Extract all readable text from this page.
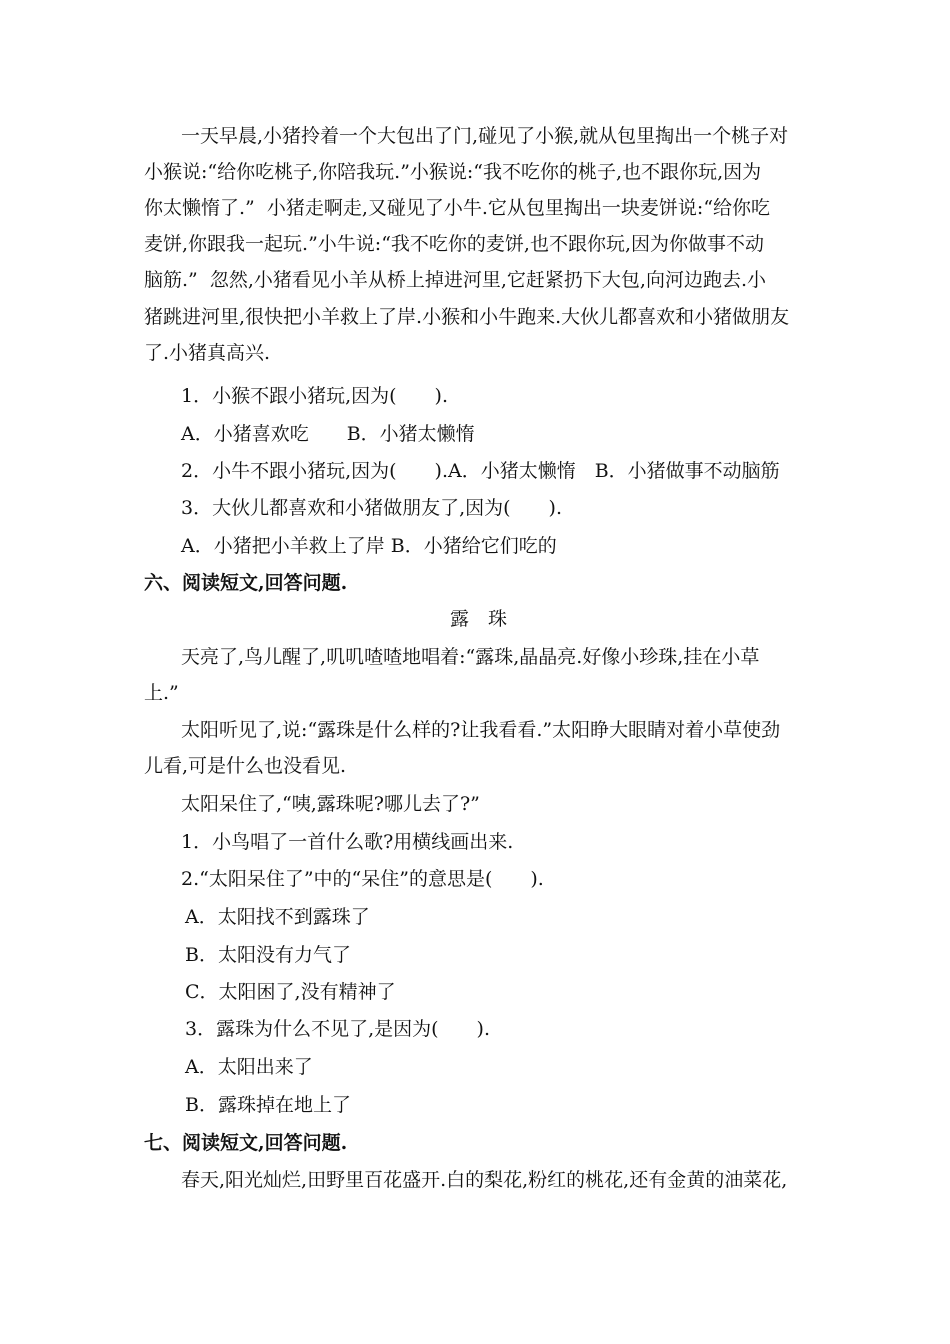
一天早晨,小猪拎着一个大包出了门,碰见了小猴,就从包里掏出一个桃子对
小猴说:“给你吃桃子,你陪我玩.”小猴说:“我不吃你的桃子,也不跟你玩,因为
你太懒惰了.”  小猪走啊走,又碰见了小牛.它从包里掏出一块麦饼说:“给你吃
麦饼,你跟我一起玩.”小牛说:“我不吃你的麦饼,也不跟你玩,因为你做事不动
脑筋.”  忽然,小猪看见小羊从桥上掉进河里,它赶紧扔下大包,向河边跑去.小
猪跳进河里,很快把小羊救上了岸.小猴和小牛跑来.大伙儿都喜欢和小猪做朋友
了.小猪真高兴.
1．小猴不跟小猪玩,因为(　　).
A．小猪喜欢吃　　B．小猪太懒惰
2．小牛不跟小猪玩,因为(　　).A．小猪太懒惰　B．小猪做事不动脑筋
3．大伙儿都喜欢和小猪做朋友了,因为(　　).
A．小猪把小羊救上了岸 B．小猪给它们吃的
六、阅读短文,回答问题.
露　珠
天亮了,鸟儿醒了,叽叽喳喳地唱着:“露珠,晶晶亮.好像小珍珠,挂在小草
上.”
太阳听见了,说:“露珠是什么样的?让我看看.”太阳睁大眼睛对着小草使劲
儿看,可是什么也没看见.
太阳呆住了,“咦,露珠呢?哪儿去了?”
1．小鸟唱了一首什么歌?用横线画出来.
2.“太阳呆住了”中的“呆住”的意思是(　　).
A．太阳找不到露珠了
B．太阳没有力气了
C．太阳困了,没有精神了
3．露珠为什么不见了,是因为(　　).
A．太阳出来了
B．露珠掉在地上了
七、阅读短文,回答问题.
春天,阳光灿烂,田野里百花盛开.白的梨花,粉红的桃花,还有金黄的油菜花,
